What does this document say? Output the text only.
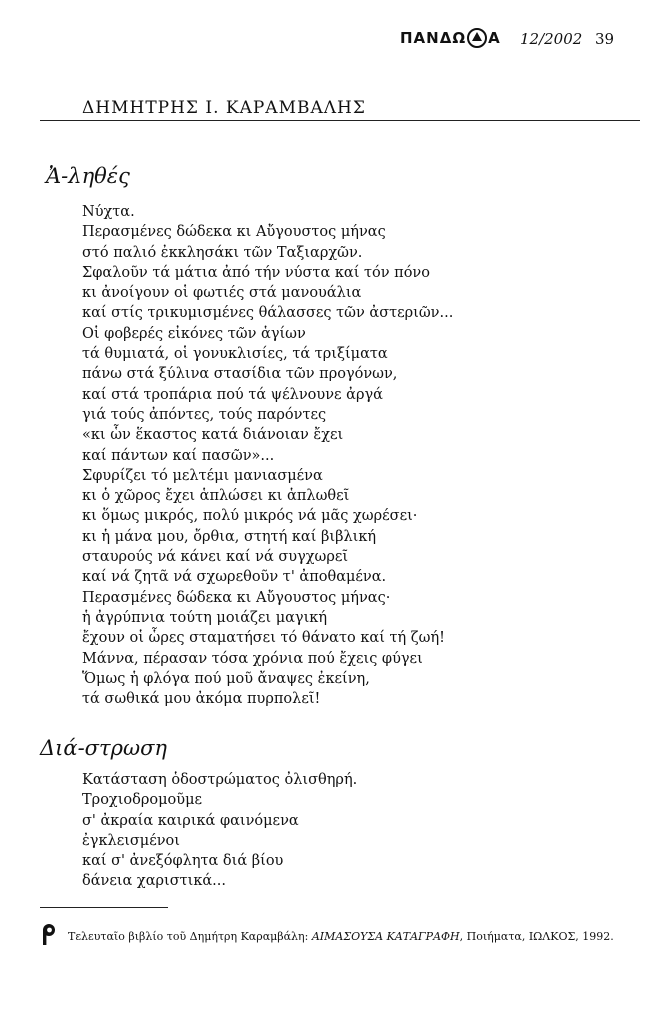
ΠΑΝΔΩ Α 12/2002 39
ΔΗΜΗΤΡΗΣ Ι. ΚΑΡΑΜΒΑΛΗΣ
Ἀ-ληθές
Νύχτα.
Περασμένες δώδεκα κι Αὔγουστος μήνας
στό παλιό ἐκκλησάκι τῶν Ταξιαρχῶν.
Σφαλοῦν τά μάτια ἀπό τήν νύστα καί τόν πόνο
κι ἀνοίγουν οἱ φωτιές στά μανουάλια
καί στίς τρικυμισμένες θάλασσες τῶν ἀστεριῶν...
Οἱ φοβερές εἰκόνες τῶν ἁγίων
τά θυμιατά, οἱ γονυκλισίες, τά τριξίματα
πάνω στά ξύλινα στασίδια τῶν προγόνων,
καί στά τροπάρια πού τά ψέλνουνε ἀργά
γιά τούς ἀπόντες, τούς παρόντες
«κι ὧν ἕκαστος κατά διάνοιαν ἔχει
καί πάντων καί πασῶν»...
Σφυρίζει τό μελτέμι μανιασμένα
κι ὁ χῶρος ἔχει ἁπλώσει κι ἁπλωθεῖ
κι ὅμως μικρός, πολύ μικρός νά μᾶς χωρέσει·
κι ἡ μάνα μου, ὄρθια, στητή καί βιβλική
σταυρούς νά κάνει καί νά συγχωρεῖ
καί νά ζητᾶ νά σχωρεθοῦν τ' ἀποθαμένα.
Περασμένες δώδεκα κι Αὔγουστος μήνας·
ἡ ἀγρύπνια τούτη μοιάζει μαγική
ἔχουν οἱ ὧρες σταματήσει τό θάνατο καί τή ζωή!
Μάννα, πέρασαν τόσα χρόνια πού ἔχεις φύγει
Ὅμως ἡ φλόγα πού μοῦ ἄναψες ἐκείνη,
τά σωθικά μου ἀκόμα πυρπολεῖ!
Διά-στρωση
Κατάσταση ὁδοστρώματος ὀλισθηρή.
Τροχιοδρομοῦμε
σ' ἀκραία καιρικά φαινόμενα
ἐγκλεισμένοι
καί σ' ἀνεξόφλητα διά βίου
δάνεια χαριστικά...
Τελευταῖο βιβλίο τοῦ Δημήτρη Καραμβάλη: ΑΙΜΑΣΟΥΣΑ ΚΑΤΑΓΡΑΦΗ, Ποιήματα, ΙΩΛΚΟΣ, 1992.
